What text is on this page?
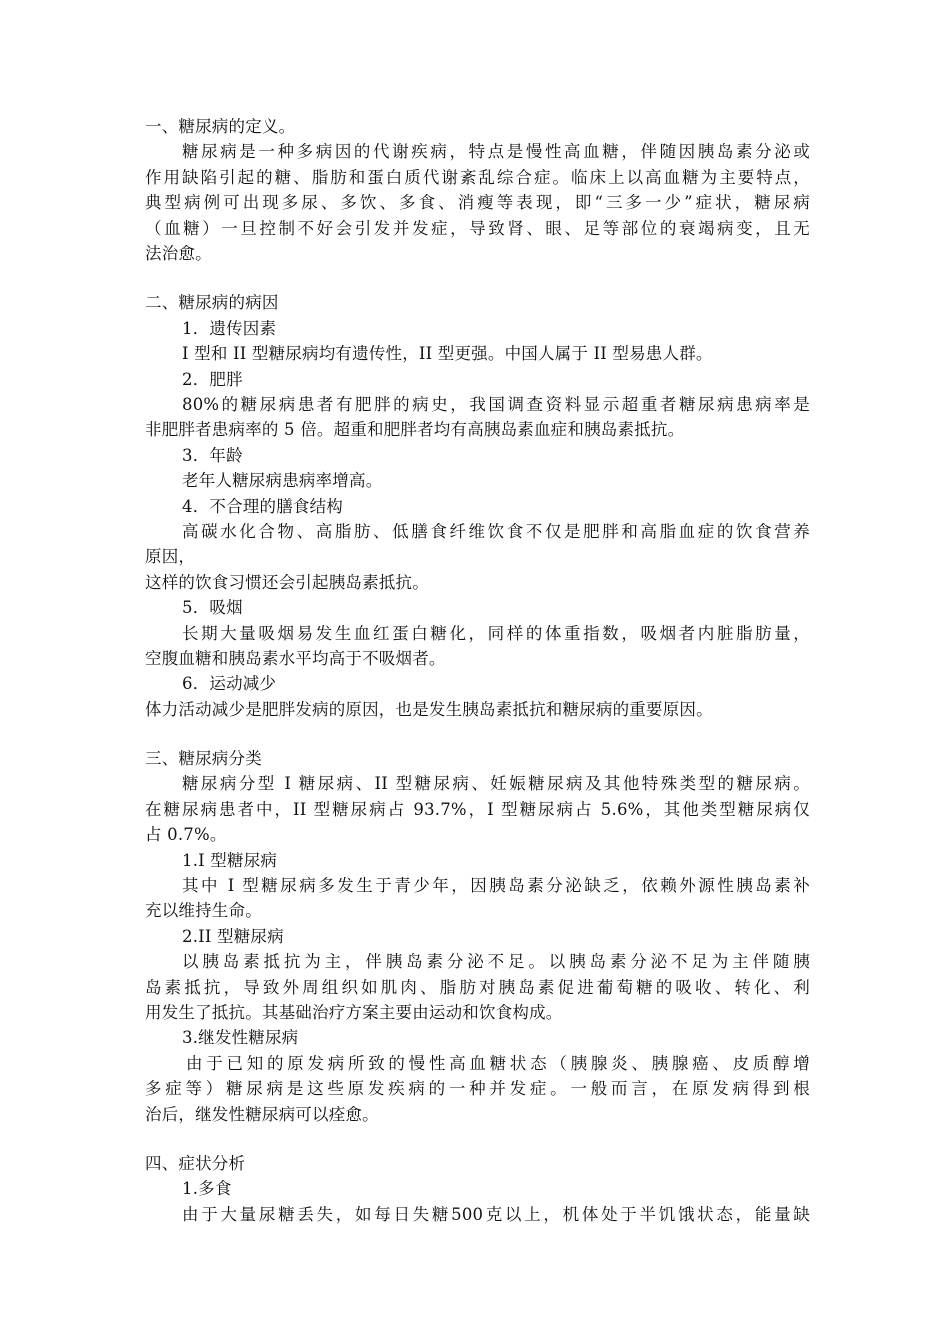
一、糖尿病的定义。
糖尿病是一种多病因的代谢疾病，特点是慢性高血糖，伴随因胰岛素分泌或
作用缺陷引起的糖、脂肪和蛋白质代谢紊乱综合症。临床上以高血糖为主要特点，
典型病例可出现多尿、多饮、多食、消瘦等表现，即“三多一少”症状，糖尿病
（血糖）一旦控制不好会引发并发症，导致肾、眼、足等部位的衰竭病变，且无
法治愈。
二、糖尿病的病因
1．遗传因素
I 型和 II 型糖尿病均有遗传性，II 型更强。中国人属于 II 型易患人群。
2．肥胖
80%的糖尿病患者有肥胖的病史，我国调查资料显示超重者糖尿病患病率是
非肥胖者患病率的 5 倍。超重和肥胖者均有高胰岛素血症和胰岛素抵抗。
3．年龄
老年人糖尿病患病率增高。
4．不合理的膳食结构
高碳水化合物、高脂肪、低膳食纤维饮食不仅是肥胖和高脂血症的饮食营养
原因，
这样的饮食习惯还会引起胰岛素抵抗。
5．吸烟
长期大量吸烟易发生血红蛋白糖化，同样的体重指数，吸烟者内脏脂肪量，
空腹血糖和胰岛素水平均高于不吸烟者。
6．运动减少
体力活动减少是肥胖发病的原因，也是发生胰岛素抵抗和糖尿病的重要原因。
三、糖尿病分类
糖尿病分型 I 糖尿病、II 型糖尿病、妊娠糖尿病及其他特殊类型的糖尿病。
在糖尿病患者中，II 型糖尿病占 93.7%，I 型糖尿病占 5.6%，其他类型糖尿病仅
占 0.7%。
1.I 型糖尿病
其中 I 型糖尿病多发生于青少年，因胰岛素分泌缺乏，依赖外源性胰岛素补
充以维持生命。
2.II 型糖尿病
以胰岛素抵抗为主，伴胰岛素分泌不足。以胰岛素分泌不足为主伴随胰
岛素抵抗，导致外周组织如肌肉、脂肪对胰岛素促进葡萄糖的吸收、转化、利
用发生了抵抗。其基础治疗方案主要由运动和饮食构成。
3.继发性糖尿病
由于已知的原发病所致的慢性高血糖状态（胰腺炎、胰腺癌、皮质醇增
多症等）糖尿病是这些原发疾病的一种并发症。一般而言，在原发病得到根
治后，继发性糖尿病可以痊愈。
四、症状分析
1.多食
由于大量尿糖丢失，如每日失糖500克以上，机体处于半饥饿状态，能量缺
